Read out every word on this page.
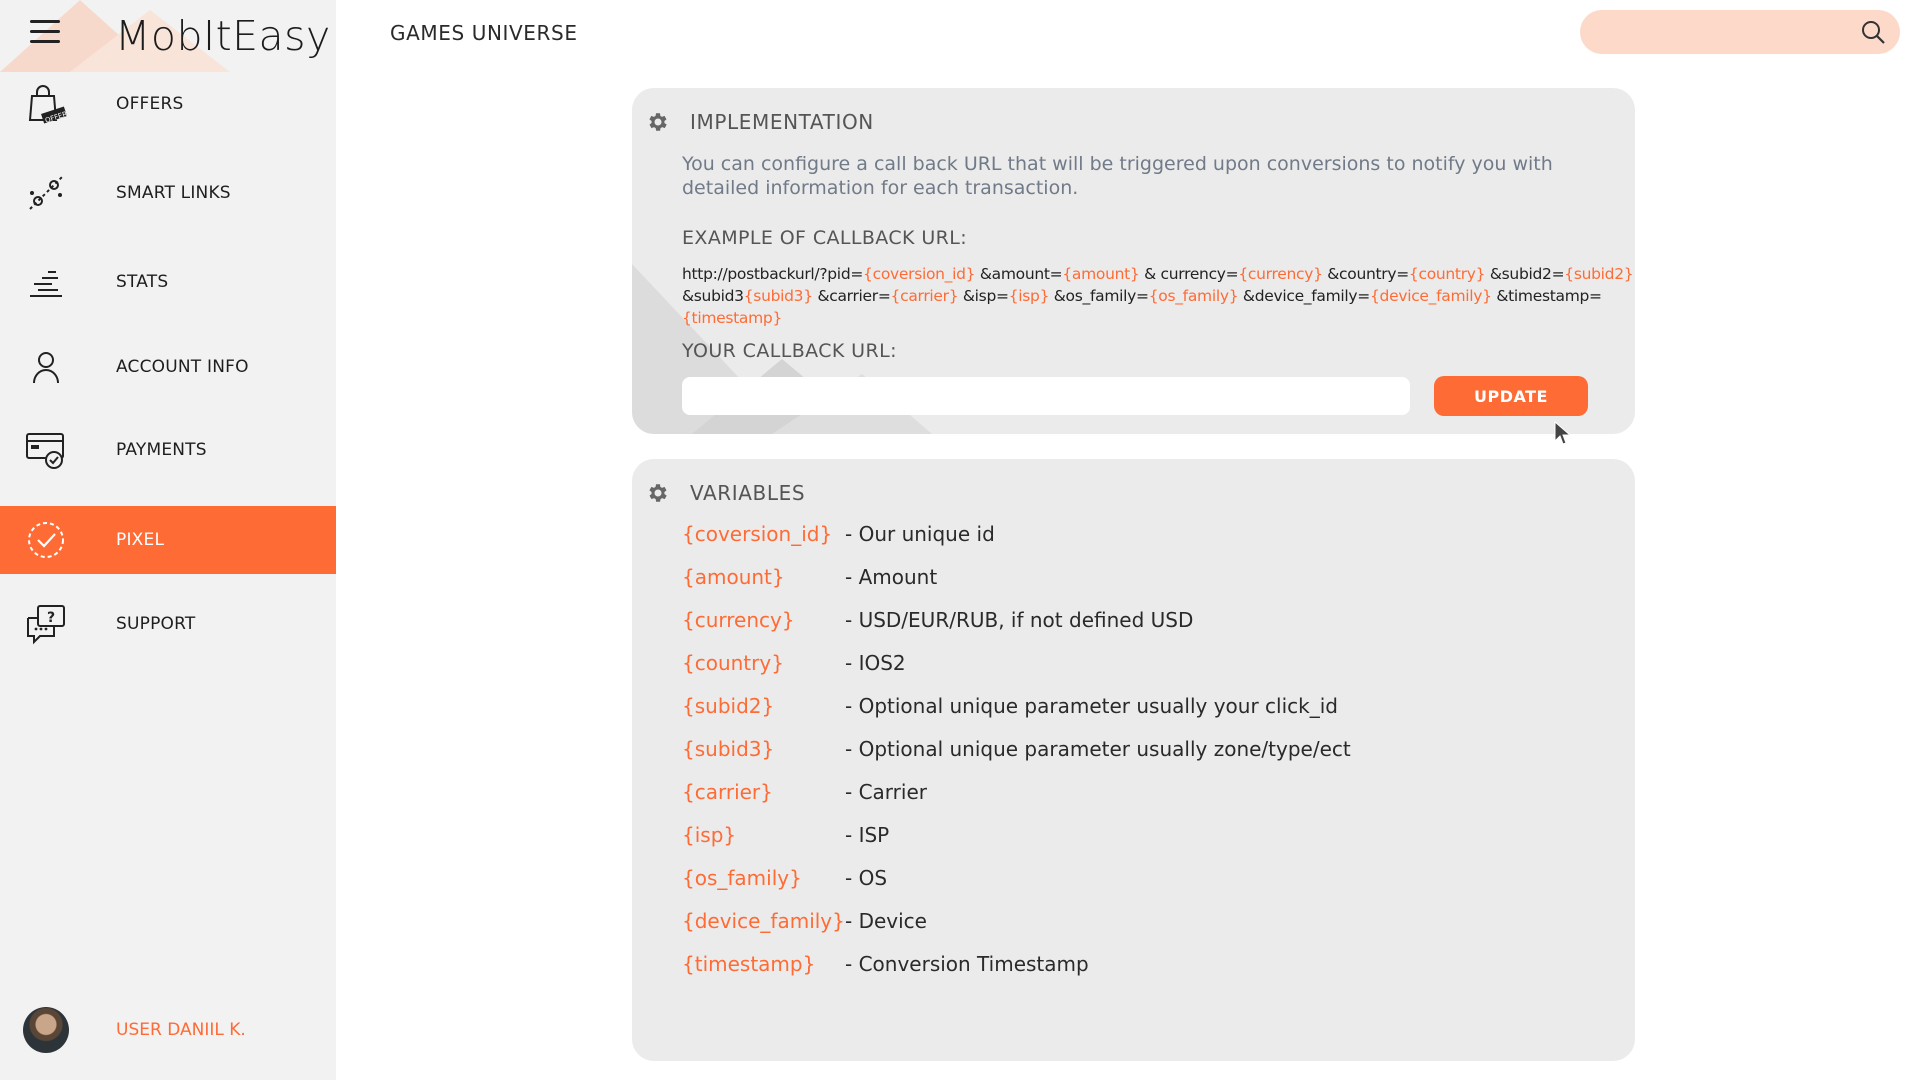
MobItEasy
OFFER
OFFERS
SMART LINKS
STATS
ACCOUNT INFO
PAYMENTS
PIXEL
?	SUPPORT
USER DANIIL K.
GAMES UNIVERSE
IMPLEMENTATION
You can configure a call back URL that will be triggered upon conversions to notify you with detailed information for each transaction.
EXAMPLE OF CALLBACK URL:
http://postbackurl/?pid={coversion_id} &amount={amount} & currency={currency} &country={country} &subid2={subid2} &subid3{subid3} &carrier={carrier} &isp={isp} &os_family={os_family} &device_family={device_family} &timestamp={timestamp}
YOUR CALLBACK URL:
UPDATE
VARIABLES
{coversion_id} - Our unique id
{amount}	- Amount
{currency}	- USD/EUR/RUB, if not defined USD
{country}	- IOS2
{subid2}	- Optional unique parameter usually your click_id
{subid3}	- Optional unique parameter usually zone/type/ect
{carrier}	- Carrier
{isp}	- ISP
{os_family} - OS
{device_family} - Device
{timestamp} - Conversion Timestamp
